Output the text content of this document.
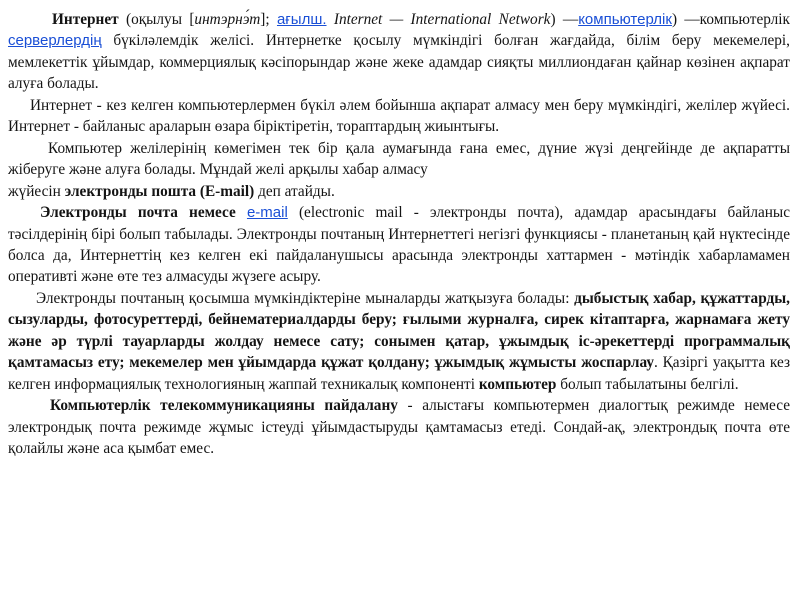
Интернет (оқылуы [интэрнэ́т]; ағылш. Internet — International Network) —компьютерлік) —компьютерлік серверлердің бүкіләлемдік желісі. Интернетке қосылу мүмкіндігі болған жағдайда, білім беру мекемелері, мемлекеттік ұйымдар, коммерциялық кәсіпорындар және жеке адамдар сияқты миллиондаған қайнар көзінен ақпарат алуға болады.

Интернет - кез келген компьютерлермен бүкіл әлем бойынша ақпарат алмасу мен беру мүмкіндігі, желілер жүйесі. Интернет - байланыс араларын өзара біріктіретін, тораптардың жиынтығы.

Компьютер желілерінің көмегімен тек бір қала аумағында ғана емес, дүние жүзі деңгейінде де ақпаратты жіберуге және алуға болады. Мұндай желі арқылы хабар алмасу
жүйесін электронды пошта (E-mail) деп атайды.

Электронды почта немесе e-mail (electronic mail - электронды почта), адамдар арасындағы байланыс тәсілдерінің бірі болып табылады. Электронды почтаның Интернеттегі негізгі функциясы - планетаның қай нүктесінде болса да, Интернеттің кез келген екі пайдаланушысы арасында электронды хаттармен - мәтіндік хабарламамен оперативті және өте тез алмасуды жүзеге асыру.

Электронды почтаның қосымша мүмкіндіктеріне мыналарды жатқызуға болады: дыбыстық хабар, құжаттарды, сызуларды, фотосуреттерді, бейнематериалдарды беру; ғылыми журналға, сирек кітаптарға, жарнамаға жету және әр түрлі тауарларды жолдау немесе сату; сонымен қатар, ұжымдық іс-әрекеттерді программалық қамтамасыз ету; мекемелер мен ұйымдарда құжат қолдану; ұжымдық жұмысты жоспарлау. Қазіргі уақытта кез келген информациялық технологияның жаппай техникалық компоненті компьютер болып табылатыны белгілі.

Компьютерлік телекоммуникацияны пайдалану - алыстағы компьютермен диалогтық режимде немесе электрондық почта режимде жұмыс істеуді ұйымдастыруды қамтамасыз етеді. Сондай-ақ, электрондық почта өте қолайлы және аса қымбат емес.
